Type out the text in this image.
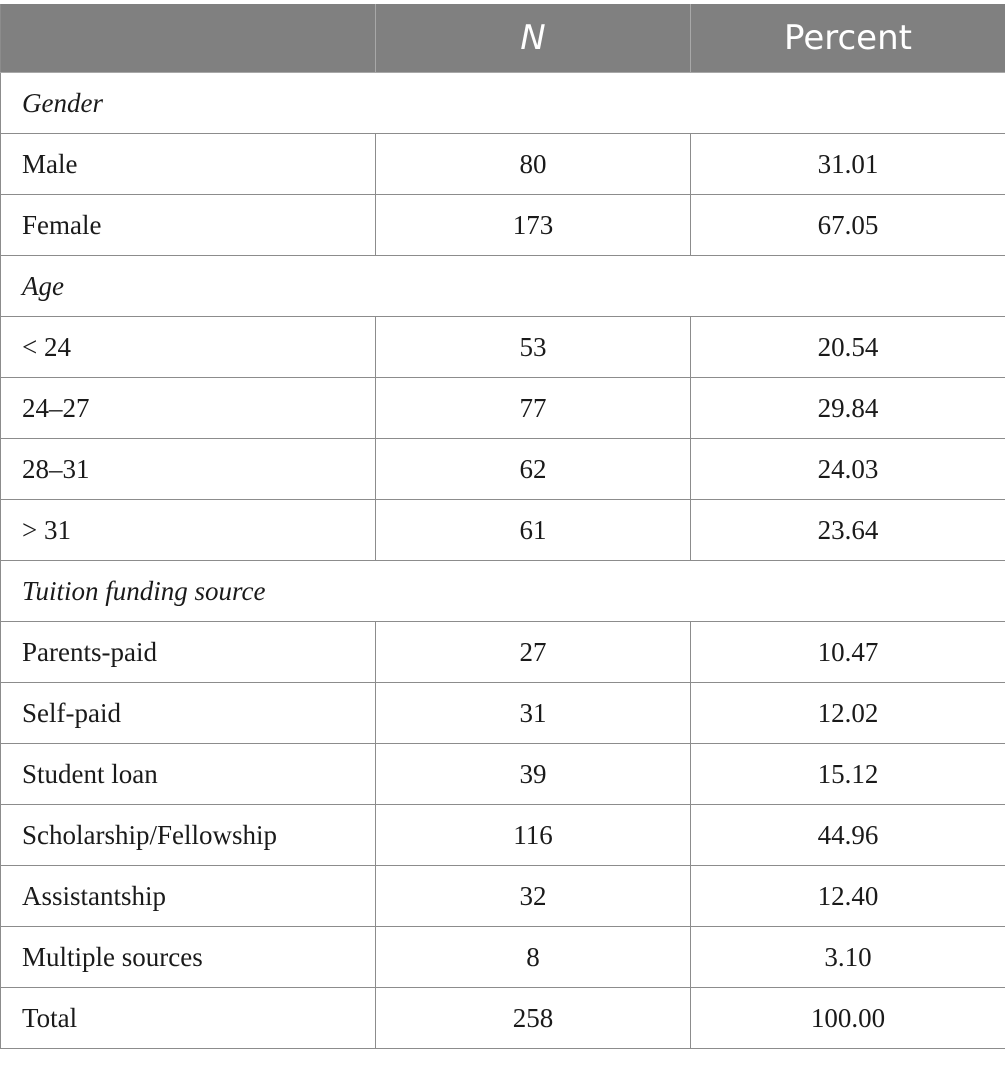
	N	Percent
Gender		
Male	80	31.01
Female	173	67.05
Age		
< 24	53	20.54
24–27	77	29.84
28–31	62	24.03
> 31	61	23.64
Tuition funding source		
Parents-paid	27	10.47
Self-paid	31	12.02
Student loan	39	15.12
Scholarship/Fellowship	116	44.96
Assistantship	32	12.40
Multiple sources	8	3.10
Total	258	100.00
